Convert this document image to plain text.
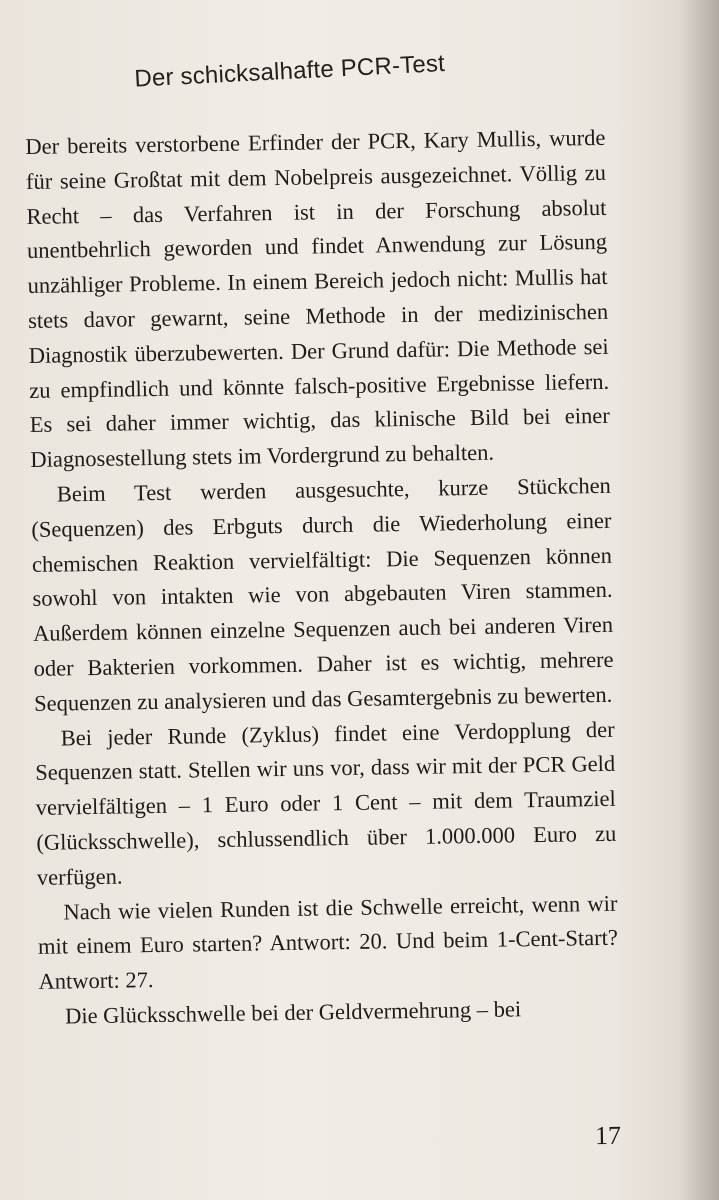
Der schicksalhafte PCR-Test

Der bereits verstorbene Erfinder der PCR, Kary Mullis, wurde für seine Großtat mit dem Nobelpreis ausgezeichnet. Völlig zu Recht – das Verfahren ist in der Forschung absolut unentbehrlich geworden und findet Anwendung zur Lösung unzähliger Probleme. In einem Bereich jedoch nicht: Mullis hat stets davor gewarnt, seine Methode in der medizinischen Diagnostik überzubewerten. Der Grund dafür: Die Methode sei zu empfindlich und könnte falsch-positive Ergebnisse liefern. Es sei daher immer wichtig, das klinische Bild bei einer Diagnosestellung stets im Vordergrund zu behalten.

Beim Test werden ausgesuchte, kurze Stückchen (Sequenzen) des Erbguts durch die Wiederholung einer chemischen Reaktion vervielfältigt: Die Sequenzen können sowohl von intakten wie von abgebauten Viren stammen. Außerdem können einzelne Sequenzen auch bei anderen Viren oder Bakterien vorkommen. Daher ist es wichtig, mehrere Sequenzen zu analysieren und das Gesamtergebnis zu bewerten.

Bei jeder Runde (Zyklus) findet eine Verdopplung der Sequenzen statt. Stellen wir uns vor, dass wir mit der PCR Geld vervielfältigen – 1 Euro oder 1 Cent – mit dem Traumziel (Glücksschwelle), schlussendlich über 1.000.000 Euro zu verfügen.

Nach wie vielen Runden ist die Schwelle erreicht, wenn wir mit einem Euro starten? Antwort: 20. Und beim 1-Cent-Start? Antwort: 27.

Die Glücksschwelle bei der Geldvermehrung – bei

17
